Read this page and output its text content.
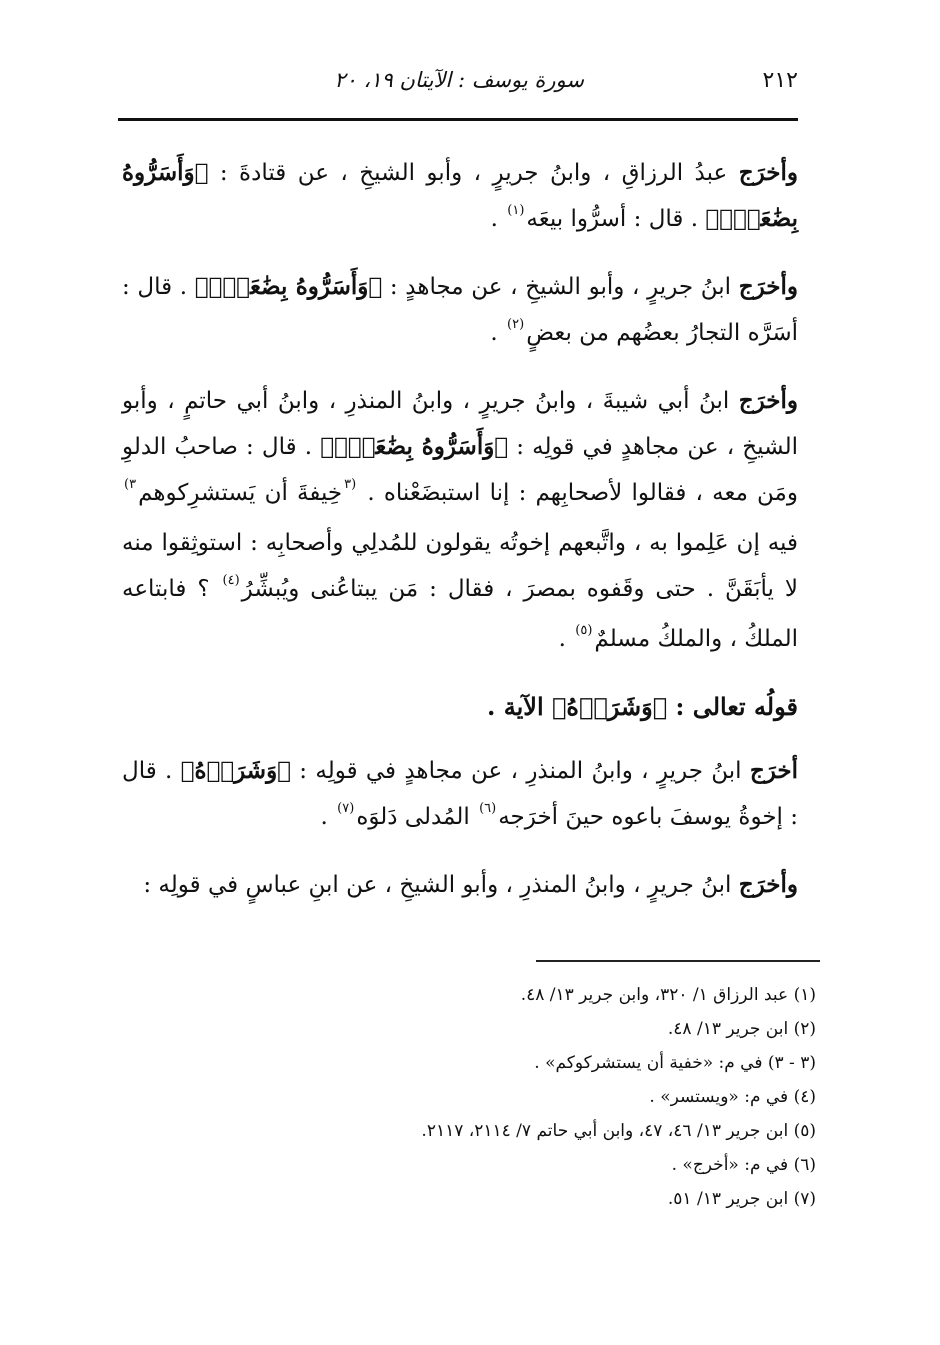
٢١٢
سورة يوسف : الآيتان ١٩، ٢٠

وأخرَج عبدُ الرزاقِ ، وابنُ جريرٍ ، وأبو الشيخِ ، عن قتادةَ : ﴿وَأَسَرُّوهُ بِضَٰعَةًۚ﴾ . قال : أسرُّوا بيعَه$^{(١)}$ .

وأخرَج ابنُ جريرٍ ، وأبو الشيخِ ، عن مجاهدٍ : ﴿وَأَسَرُّوهُ بِضَٰعَةًۚ﴾ . قال : أسَرَّه التجارُ بعضُهم من بعضٍ$^{(٢)}$ .

وأخرَج ابنُ أبي شيبةَ ، وابنُ جريرٍ ، وابنُ المنذرِ ، وابنُ أبي حاتمٍ ، وأبو الشيخِ ، عن مجاهدٍ في قولِه : ﴿وَأَسَرُّوهُ بِضَٰعَةًۚ﴾ . قال : صاحبُ الدلوِ ومَن معه ، فقالوا لأصحابِهم : إنا استبضَعْناه . $^{(٣}$خِيفةَ أن يَستشرِكوهم$^{٣)}$ فيه إن عَلِموا به ، واتَّبعهم إخوتُه يقولون للمُدلِي وأصحابِه : استوثِقوا منه لا يأبَقَنَّ . حتى وقَفوه بمصرَ ، فقال : مَن يبتاعُنى ويُبشِّرُ$^{(٤)}$ ؟ فابتاعه الملكُ ، والملكُ مسلمٌ$^{(٥)}$ .

قولُه تعالى : ﴿وَشَرَوۡهُ﴾ الآية .

أخرَج ابنُ جريرٍ ، وابنُ المنذرِ ، عن مجاهدٍ في قولِه : ﴿وَشَرَوۡهُ﴾ . قال : إخوةُ يوسفَ باعوه حينَ أخرَجه$^{(٦)}$ المُدلى دَلوَه$^{(٧)}$ .

وأخرَج ابنُ جريرٍ ، وابنُ المنذرِ ، وأبو الشيخِ ، عن ابنِ عباسٍ في قولِه :

(١) عبد الرزاق ١/ ٣٢٠، وابن جرير ١٣/ ٤٨.
(٢) ابن جرير ١٣/ ٤٨.
(٣ - ٣) في م: «خفية أن يستشركوكم» .
(٤) في م: «ويستسر» .
(٥) ابن جرير ١٣/ ٤٦، ٤٧، وابن أبي حاتم ٧/ ٢١١٤، ٢١١٧.
(٦) في م: «أخرج» .
(٧) ابن جرير ١٣/ ٥١.
